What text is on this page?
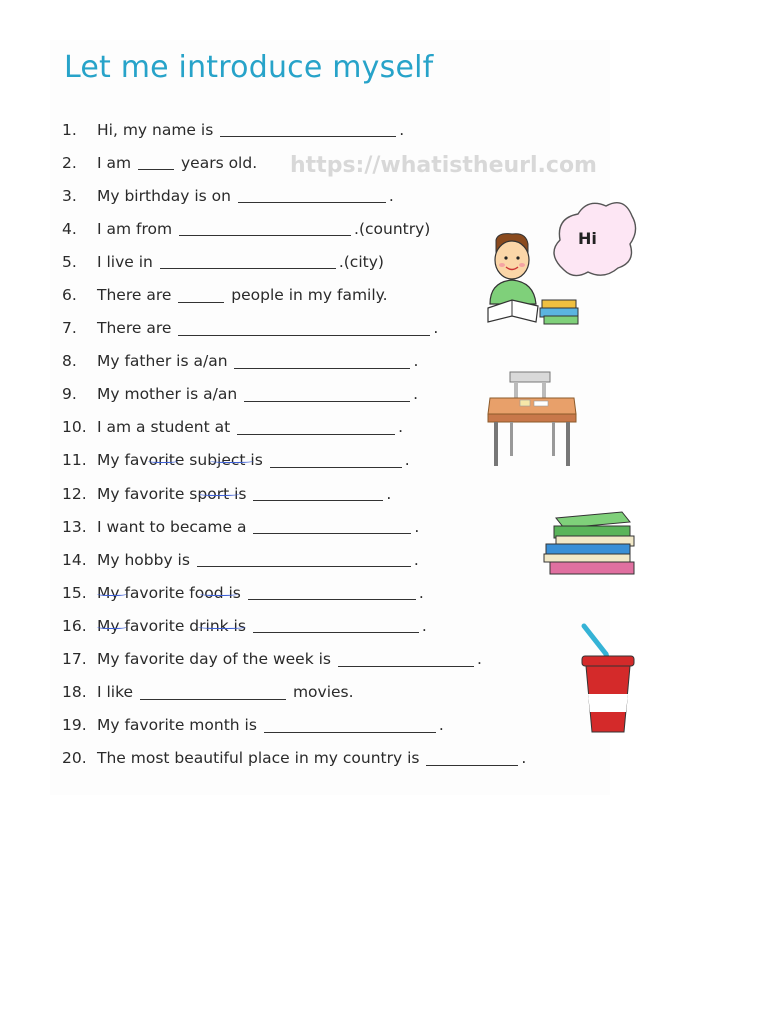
Let me introduce myself
https://whatistheurl.com
1.	Hi, my name is
	.
2.	I am

	years old.
3.	My birthday is on
	.
4.	I am from
	.(country)
5.	I live in
	.(city)
6.	There are

	people in my family.
7.	There are
	.
8.	My father is a/an
	.
9.	My mother is a/an
	.
10. I am a student at
	.
11. My favorite subject is
	.
12. My favorite sport is
	.
13. I want to became a
	.
14. My hobby is
	.
15. My favorite food is
	.
16. My favorite drink is
	.
17. My favorite day of the week is
	.
18. I like

	movies.
19. My favorite month is
	.
20. The most beautiful place in my country is
	.
Hi
